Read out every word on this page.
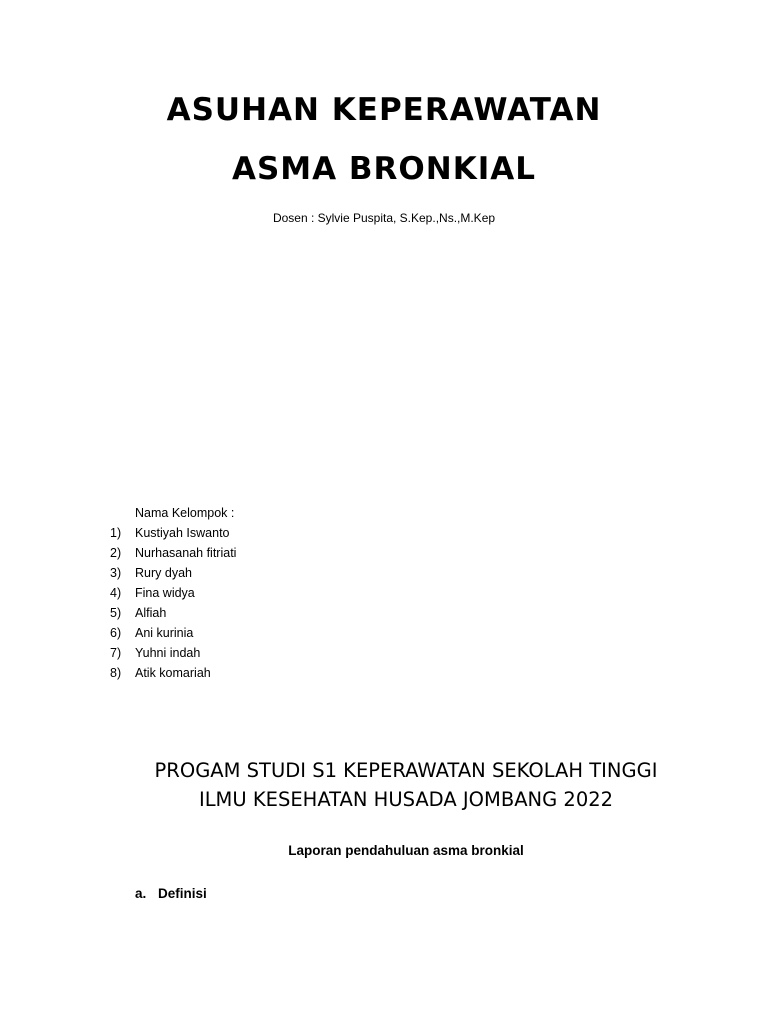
ASUHAN KEPERAWATAN
ASMA BRONKIAL
Dosen : Sylvie Puspita, S.Kep.,Ns.,M.Kep
Nama Kelompok :
1)	Kustiyah Iswanto
2)	Nurhasanah fitriati
3)	Rury dyah
4)	Fina widya
5)	Alfiah
6)	Ani kurinia
7)	Yuhni indah
8)	Atik komariah
PROGAM STUDI S1 KEPERAWATAN SEKOLAH TINGGI
ILMU KESEHATAN HUSADA JOMBANG 2022
Laporan pendahuluan asma bronkial
a. Definisi
